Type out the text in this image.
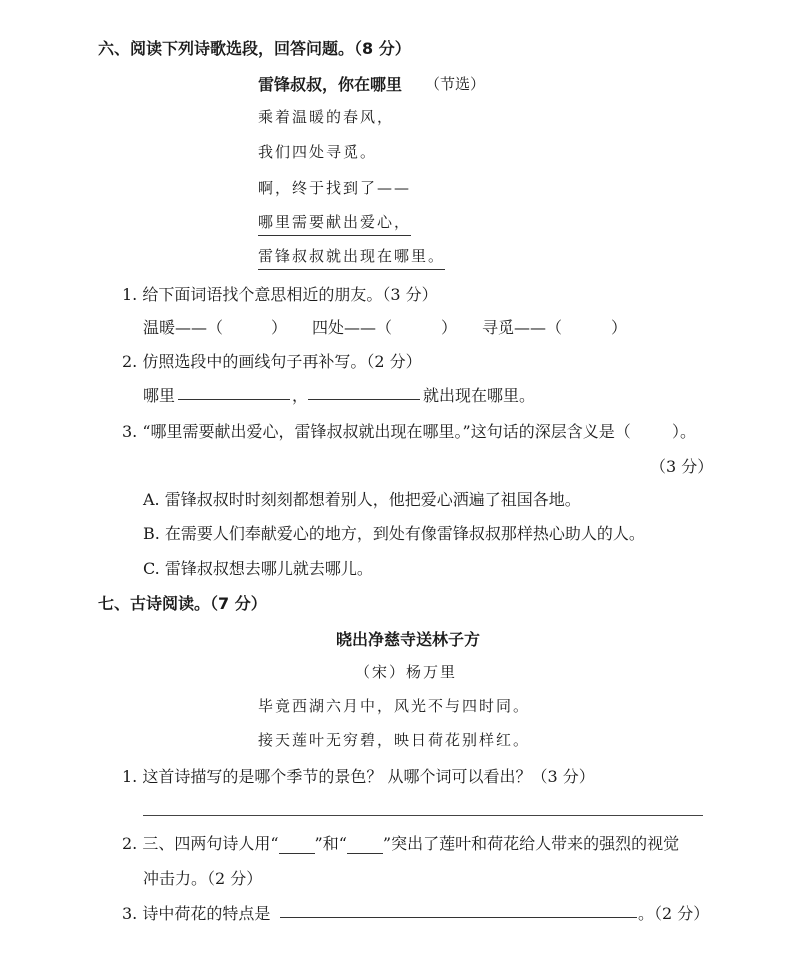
六、阅读下列诗歌选段，回答问题。（8 分）
雷锋叔叔，你在哪里 （节选）
乘着温暖的春风，
我们四处寻觅。
啊，终于找到了——
哪里需要献出爱心，
雷锋叔叔就出现在哪里。
1. 给下面词语找个意思相近的朋友。（3 分）
温暖——（	） 四处——（	） 寻觅——（	）
2. 仿照选段中的画线句子再补写。（2 分）
哪里	，	就出现在哪里。
3. “哪里需要献出爱心，雷锋叔叔就出现在哪里。”这句话的深层含义是（	）。
（3 分）
A. 雷锋叔叔时时刻刻都想着别人，他把爱心洒遍了祖国各地。
B. 在需要人们奉献爱心的地方，到处有像雷锋叔叔那样热心助人的人。
C. 雷锋叔叔想去哪儿就去哪儿。
七、古诗阅读。（7 分）
晓出净慈寺送林子方
（宋）杨万里
毕竟西湖六月中，风光不与四时同。
接天莲叶无穷碧，映日荷花别样红。
1. 这首诗描写的是哪个季节的景色？ 从哪个词可以看出？（3 分）
2. 三、四两句诗人用“ ”和“ ”突出了莲叶和荷花给人带来的强烈的视觉
冲击力。（2 分）
3. 诗中荷花的特点是	。（2 分）
